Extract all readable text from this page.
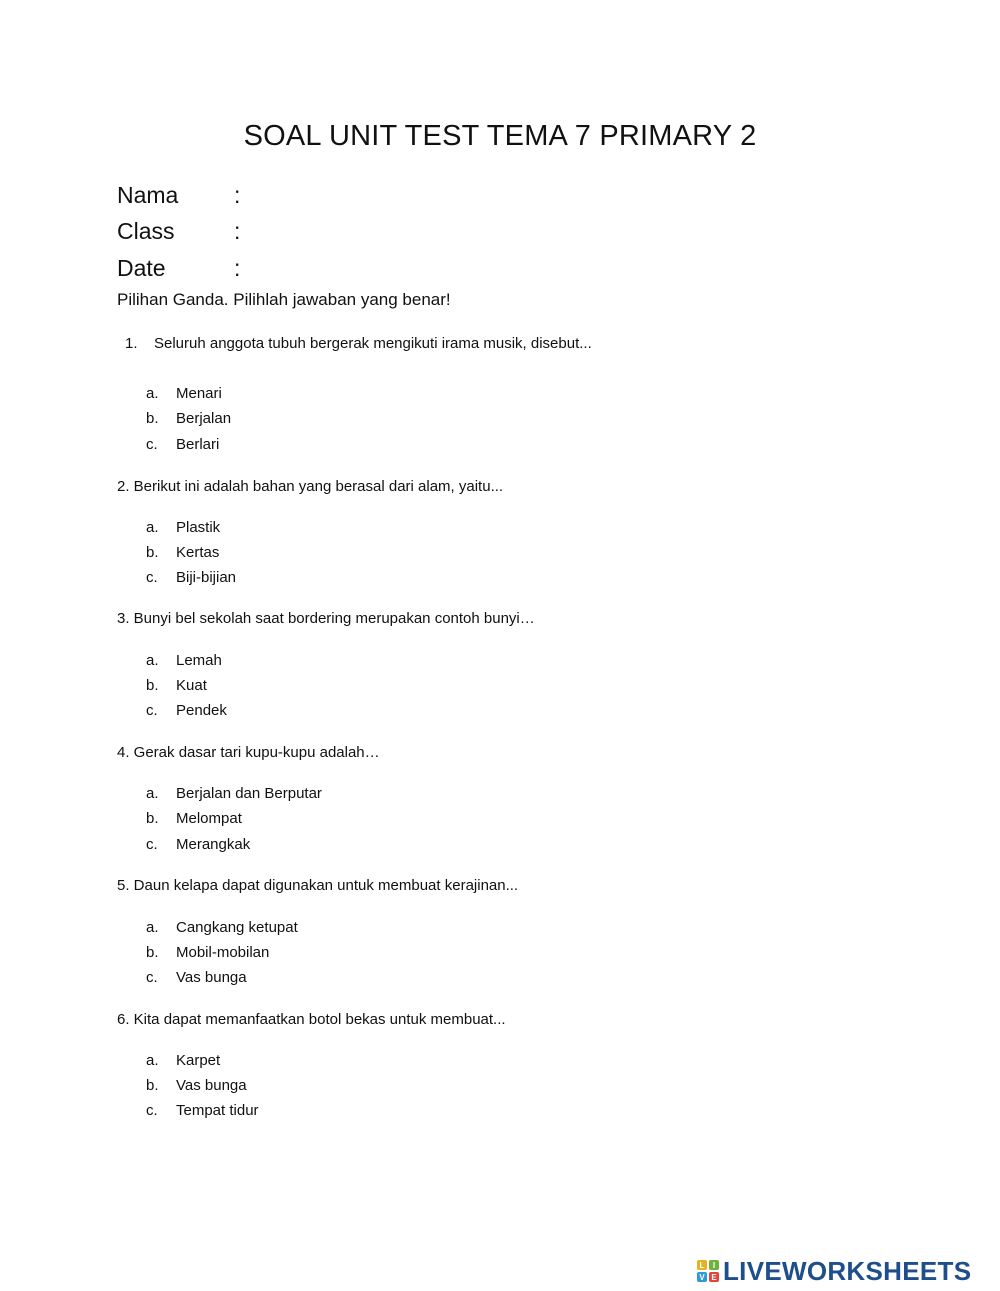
SOAL UNIT TEST TEMA 7 PRIMARY 2
Nama :
Class	:
Date	:
Pilihan Ganda. Pilihlah jawaban yang benar!
1. Seluruh anggota tubuh bergerak mengikuti irama musik, disebut...
a. Menari
b. Berjalan
c. Berlari
2. Berikut ini adalah bahan yang berasal dari alam, yaitu...
a. Plastik
b. Kertas
c. Biji-bijian
3. Bunyi bel sekolah saat bordering merupakan contoh bunyi…
a. Lemah
b. Kuat
c. Pendek
4. Gerak dasar tari kupu-kupu adalah…
a. Berjalan dan Berputar
b. Melompat
c. Merangkak
5. Daun kelapa dapat digunakan untuk membuat kerajinan...
a. Cangkang ketupat
b. Mobil-mobilan
c. Vas bunga
6. Kita dapat memanfaatkan botol bekas untuk membuat...
a. Karpet
b. Vas bunga
c. Tempat tidur
L	I
V E LIVEWORKSHEETS
